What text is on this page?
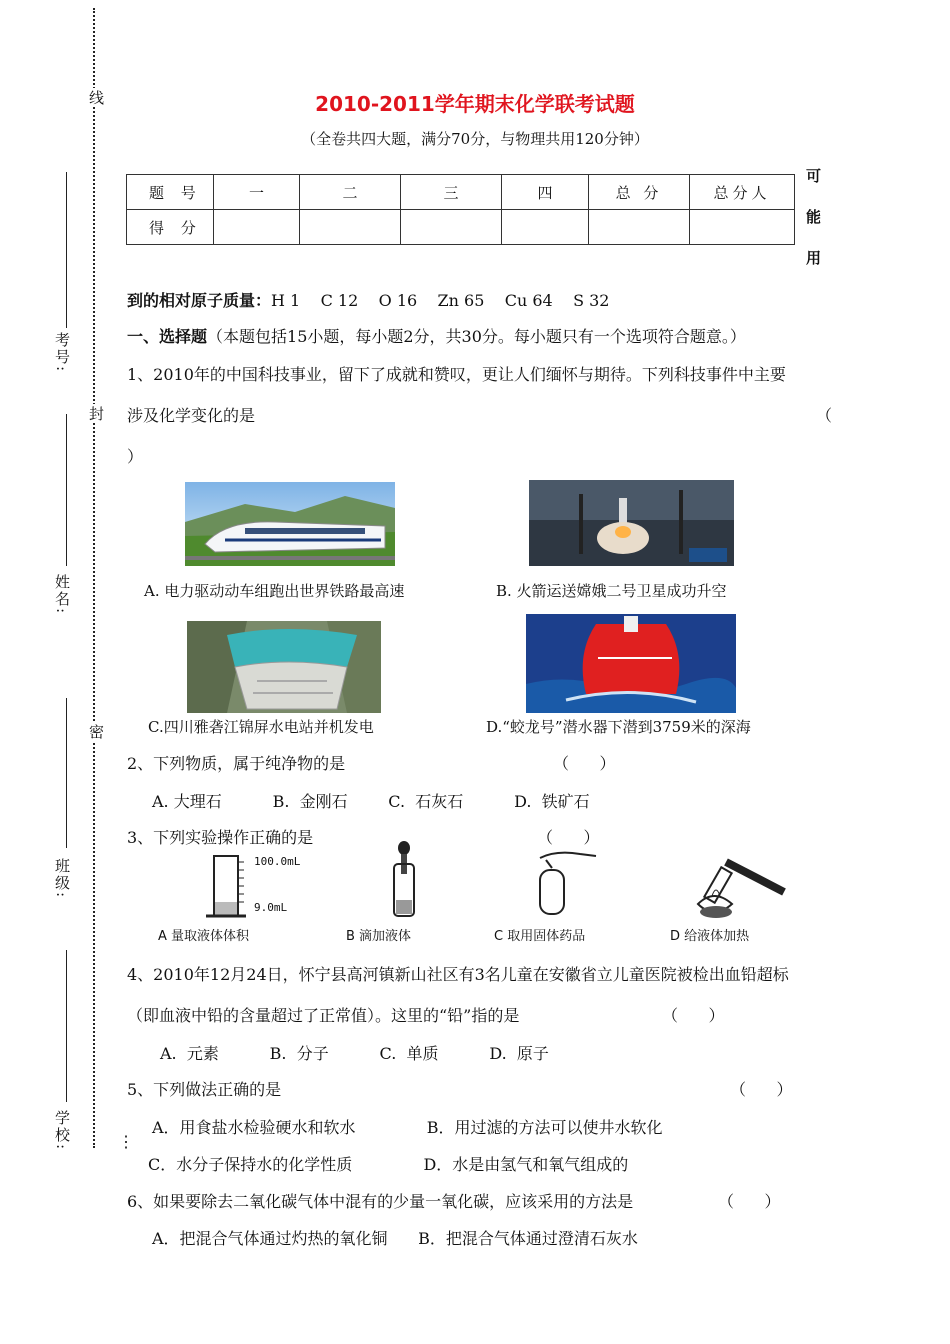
线
封
密
⋮
考号:
姓名:
班级:
学校:
2010-2011学年期末化学联考试题
（全卷共四大题，满分70分，与物理共用120分钟）
题 号	一	二	三	四	总 分	总分人
得 分						
可
能
用
到的相对原子质量：H 1    C 12    O 16    Zn 65    Cu 64    S 32
一、选择题（本题包括15小题，每小题2分，共30分。每小题只有一个选项符合题意。）
1、2010年的中国科技事业，留下了成就和赞叹，更让人们缅怀与期待。下列科技事件中主要
涉及化学变化的是	（
）
A. 电力驱动动车组跑出世界铁路最高速	B. 火箭运送嫦娥二号卫星成功升空
C.四川雅砻江锦屏水电站并机发电	D.“蛟龙号”潜水器下潜到3759米的深海
2、下列物质，属于纯净物的是	（      ）
A. 大理石          B.  金刚石        C.  石灰石          D.  铁矿石
3、下列实验操作正确的是	（      ）
100.0mL
9.0mL
A 量取液体体积	B 滴加液体	C 取用固体药品	D 给液体加热
4、2010年12月24日，怀宁县高河镇新山社区有3名儿童在安徽省立儿童医院被检出血铅超标
（即血液中铅的含量超过了正常值）。这里的“铅”指的是	（      ）
A.  元素          B.  分子          C.  单质          D.  原子
5、下列做法正确的是	（      ）
A．用食盐水检验硬水和软水              B．用过滤的方法可以使井水软化
C．水分子保持水的化学性质              D．水是由氢气和氧气组成的
6、如果要除去二氧化碳气体中混有的少量一氧化碳，应该采用的方法是	（      ）
A．把混合气体通过灼热的氧化铜      B．把混合气体通过澄清石灰水
